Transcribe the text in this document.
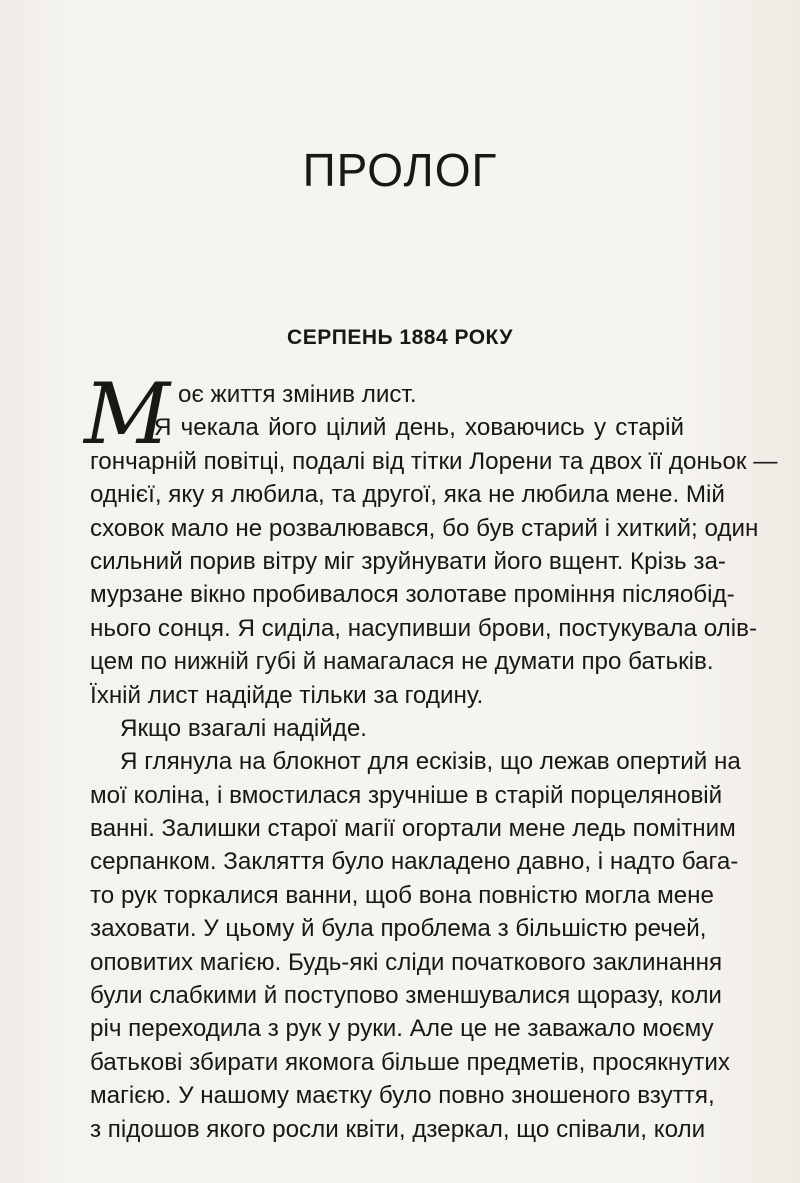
ПРОЛОГ
СЕРПЕНЬ 1884 РОКУ
М оє життя змінив лист.
Я чекала його цілий день, ховаючись у старій
гончарній повітці, подалі від тітки Лорени та двох її доньок —
однієї, яку я любила, та другої, яка не любила мене. Мій
сховок мало не розвалювався, бо був старий і хиткий; один
сильний порив вітру міг зруйнувати його вщент. Крізь за-
мурзане вікно пробивалося золотаве проміння післяобід-
нього сонця. Я сиділа, насупивши брови, постукувала олів-
цем по нижній губі й намагалася не думати про батьків.
Їхній лист надійде тільки за годину.
Якщо взагалі надійде.
Я глянула на блокнот для ескізів, що лежав опертий на
мої коліна, і вмостилася зручніше в старій порцеляновій
ванні. Залишки старої магії огортали мене ледь помітним
серпанком. Закляття було накладено давно, і надто бага-
то рук торкалися ванни, щоб вона повністю могла мене
заховати. У цьому й була проблема з більшістю речей,
оповитих магією. Будь-які сліди початкового заклинання
були слабкими й поступово зменшувалися щоразу, коли
річ переходила з рук у руки. Але це не заважало моєму
батькові збирати якомога більше предметів, просякнутих
магією. У нашому маєтку було повно зношеного взуття,
з підошов якого росли квіти, дзеркал, що співали, коли
